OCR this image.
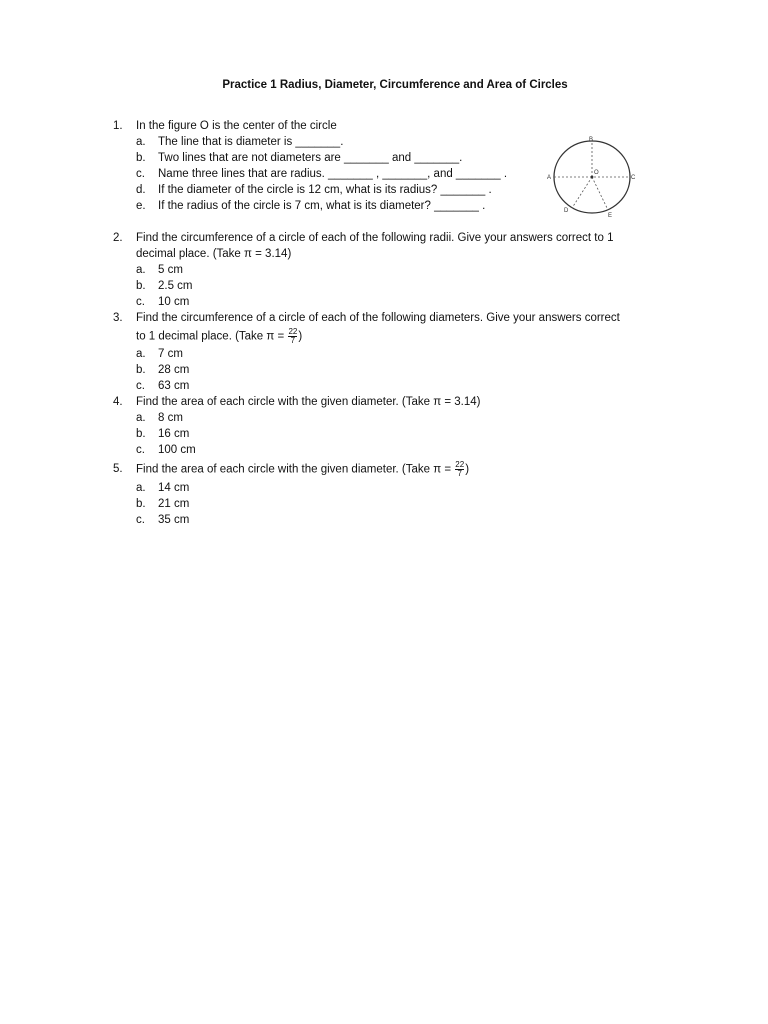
Practice 1 Radius, Diameter, Circumference and Area of Circles
1.	In the figure O is the center of the circle
a. The line that is diameter is _______.
b. Two lines that are not diameters are _______ and _______.
c. Name three lines that are radius. _______ , _______, and _______ .
d. If the diameter of the circle is 12 cm, what is its radius? _______ .
e. If the radius of the circle is 7 cm, what is its diameter? _______ .
A
B
C
D
E
O
2.	Find the circumference of a circle of each of the following radii. Give your answers correct to 1
decimal place. (Take π = 3.14)
a. 5 cm
b. 2.5 cm
c. 10 cm
3.	Find the circumference of a circle of each of the following diameters. Give your answers correct
to 1 decimal place. (Take $\pi = \frac{22}{7}$ )
a. 7 cm
b. 28 cm
c. 63 cm
4.	Find the area of each circle with the given diameter. (Take π = 3.14)
a. 8 cm
b. 16 cm
c. 100 cm
5.	Find the area of each circle with the given diameter. (Take $\pi = \frac{22}{7}$ )
a. 14 cm
b. 21 cm
c. 35 cm
